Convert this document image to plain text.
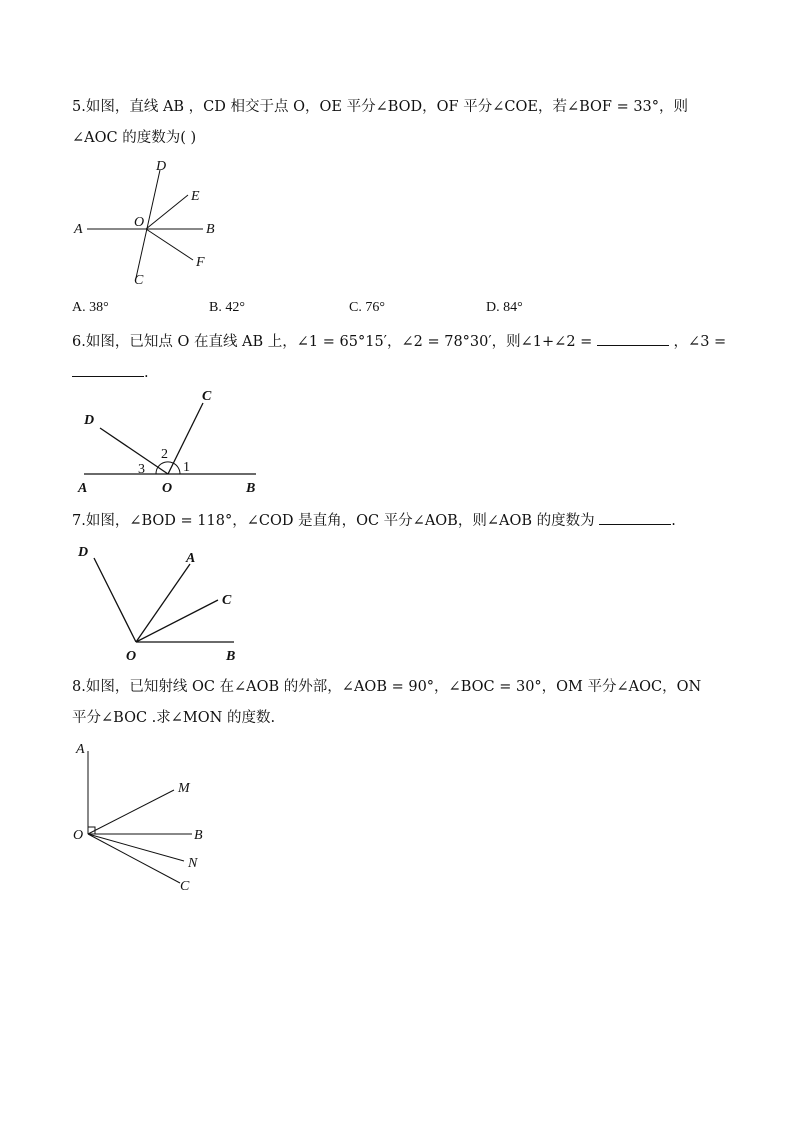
5.如图，直线 AB ，CD 相交于点 O，OE 平分∠BOD，OF 平分∠COE，若∠BOF = 33°，则
∠AOC 的度数为( )
D
E
A	O	B
F
C
A. 38°	B. 42°	C. 76°	D. 84°
6.如图，已知点 O 在直线 AB 上，∠1 = 65°15′，∠2 = 78°30′，则∠1+∠2 =	，∠3 =
.
C
D
2
3	1
A	O	B
7.如图，∠BOD = 118°，∠COD 是直角，OC 平分∠AOB，则∠AOB 的度数为	.
D	A
C
O	B
8.如图，已知射线 OC 在∠AOB 的外部，∠AOB = 90°，∠BOC = 30°，OM 平分∠AOC，ON
平分∠BOC .求∠MON 的度数.
A
M
O	B
N
C
